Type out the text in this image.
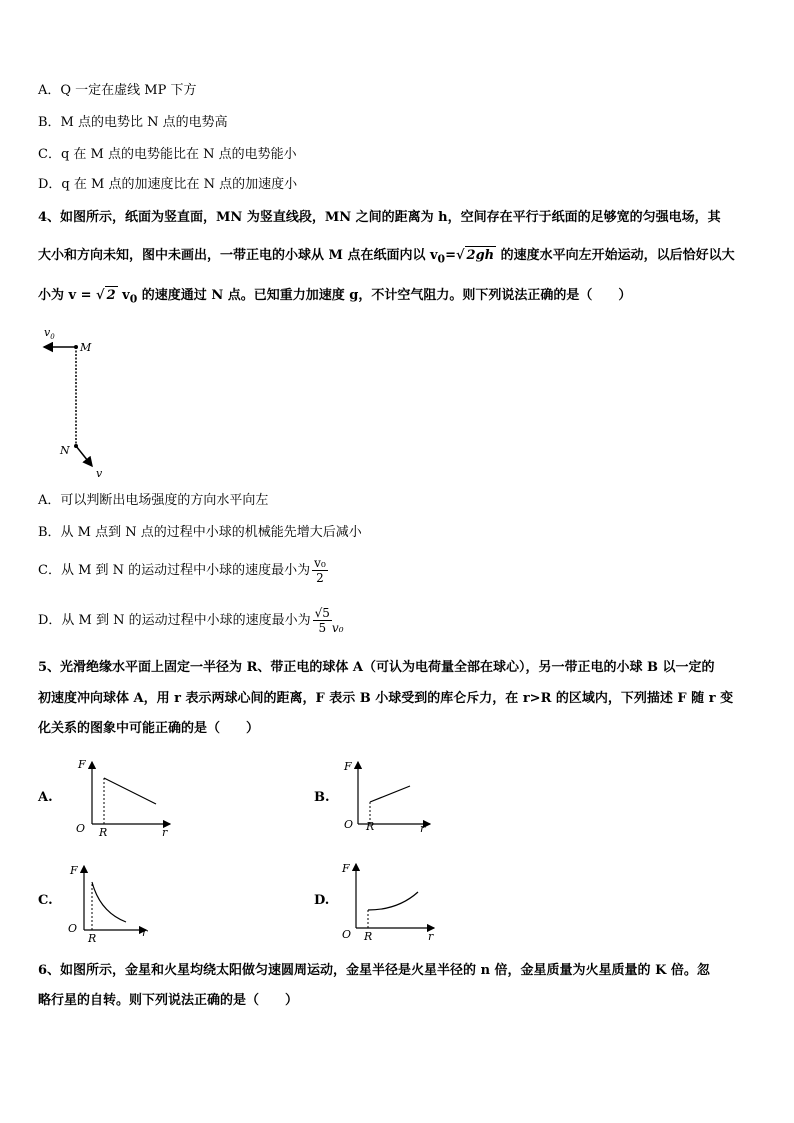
A．Q 一定在虚线 MP 下方
B．M 点的电势比 N 点的电势高
C．q 在 M 点的电势能比在 N 点的电势能小
D．q 在 M 点的加速度比在 N 点的加速度小
4、如图所示，纸面为竖直面，MN 为竖直线段，MN 之间的距离为 h，空间存在平行于纸面的足够宽的匀强电场，其
大小和方向未知，图中未画出，一带正电的小球从 M 点在纸面内以 $v_0=√$ 2gh 的速度水平向左开始运动，以后恰好以大
小为 v = √ 2 $v_0$ 的速度通过 N 点。已知重力加速度 g，不计空气阻力。则下列说法正确的是（　　）
$v_0$
M
N
v
A．可以判断出电场强度的方向水平向左
B．从 M 点到 N 点的过程中小球的机械能先增大后减小
C．从 M 到 N 的运动过程中小球的速度最小为 $\frac{\text{v₀}}{2}$
D．从 M 到 N 的运动过程中小球的速度最小为 $\frac{√5}{5} v_0$
5、光滑绝缘水平面上固定一半径为 R、带正电的球体 A（可认为电荷量全部在球心），另一带正电的小球 B 以一定的
初速度冲向球体 A，用 r 表示两球心间的距离，F 表示 B 小球受到的库仑斥力，在 r>R 的区域内，下列描述 F 随 r 变
化关系的图象中可能正确的是（　　）
A.
F
O R	r
B.
F
O R	r
C.
F
O
R	r
D.
F
O R	r
6、如图所示，金星和火星均绕太阳做匀速圆周运动，金星半径是火星半径的 n 倍，金星质量为火星质量的 K 倍。忽
略行星的自转。则下列说法正确的是（　　）
